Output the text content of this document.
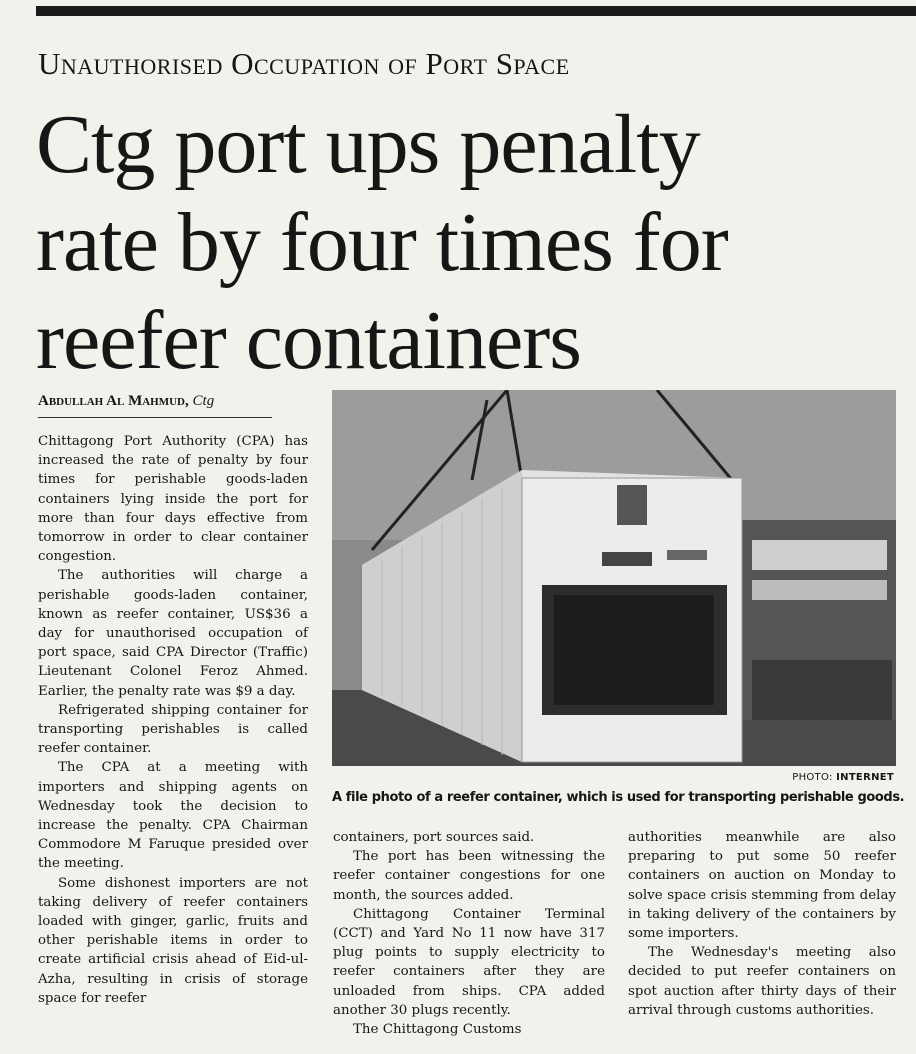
Unauthorised Occupation of Port Space
Ctg port ups penalty
rate by four times for
reefer containers
Abdullah Al Mahmud, Ctg

Chittagong Port Authority (CPA) has increased the rate of penalty by four times for perishable goods-laden containers lying inside the port for more than four days effective from tomorrow in order to clear container congestion.

The authorities will charge a perishable goods-laden container, known as reefer container, US$36 a day for unauthorised occupation of port space, said CPA Director (Traffic) Lieutenant Colonel Feroz Ahmed. Earlier, the penalty rate was $9 a day.

Refrigerated shipping container for transporting perishables is called reefer container.

The CPA at a meeting with importers and shipping agents on Wednesday took the decision to increase the penalty. CPA Chairman Commodore M Faruque presided over the meeting.

Some dishonest importers are not taking delivery of reefer containers loaded with ginger, garlic, fruits and other perishable items in order to create artificial crisis ahead of Eid-ul-Azha, resulting in crisis of storage space for reefer

PHOTO: INTERNET
A file photo of a reefer container, which is used for transporting perishable goods.

containers, port sources said.

The port has been witnessing the reefer container congestions for one month, the sources added.

Chittagong Container Terminal (CCT) and Yard No 11 now have 317 plug points to supply electricity to reefer containers after they are unloaded from ships. CPA added another 30 plugs recently.

The Chittagong Customs

authorities meanwhile are also preparing to put some 50 reefer containers on auction on Monday to solve space crisis stemming from delay in taking delivery of the containers by some importers.

The Wednesday's meeting also decided to put reefer containers on spot auction after thirty days of their arrival through customs authorities.
